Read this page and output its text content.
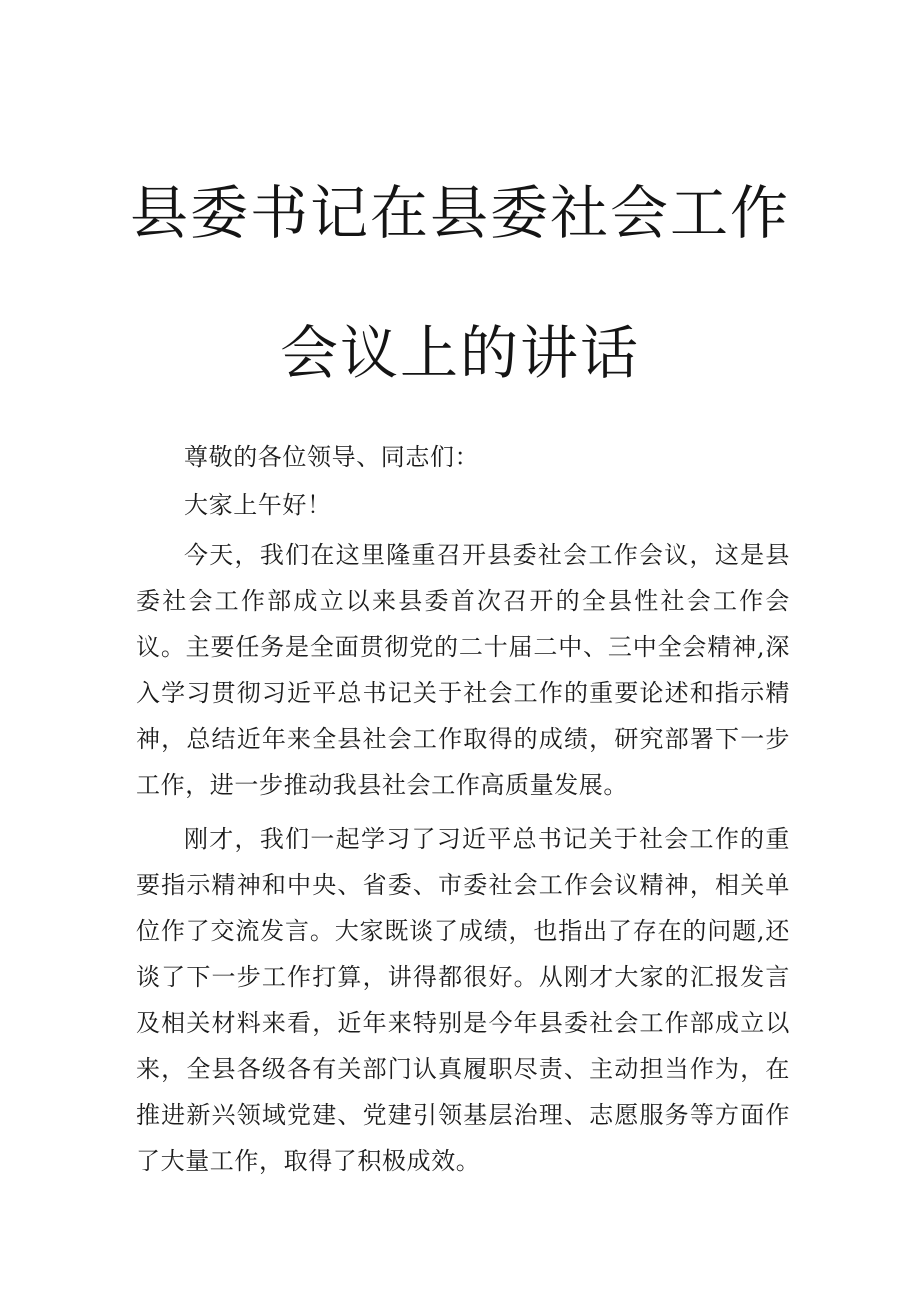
县委书记在县委社会工作
会议上的讲话

尊敬的各位领导、同志们：

大家上午好！

今天，我们在这里隆重召开县委社会工作会议，这是县委社会工作部成立以来县委首次召开的全县性社会工作会议。主要任务是全面贯彻党的二十届二中、三中全会精神,深入学习贯彻习近平总书记关于社会工作的重要论述和指示精神，总结近年来全县社会工作取得的成绩，研究部署下一步工作，进一步推动我县社会工作高质量发展。

刚才，我们一起学习了习近平总书记关于社会工作的重要指示精神和中央、省委、市委社会工作会议精神，相关单位作了交流发言。大家既谈了成绩，也指出了存在的问题,还谈了下一步工作打算，讲得都很好。从刚才大家的汇报发言及相关材料来看，近年来特别是今年县委社会工作部成立以来，全县各级各有关部门认真履职尽责、主动担当作为，在推进新兴领域党建、党建引领基层治理、志愿服务等方面作了大量工作，取得了积极成效。
